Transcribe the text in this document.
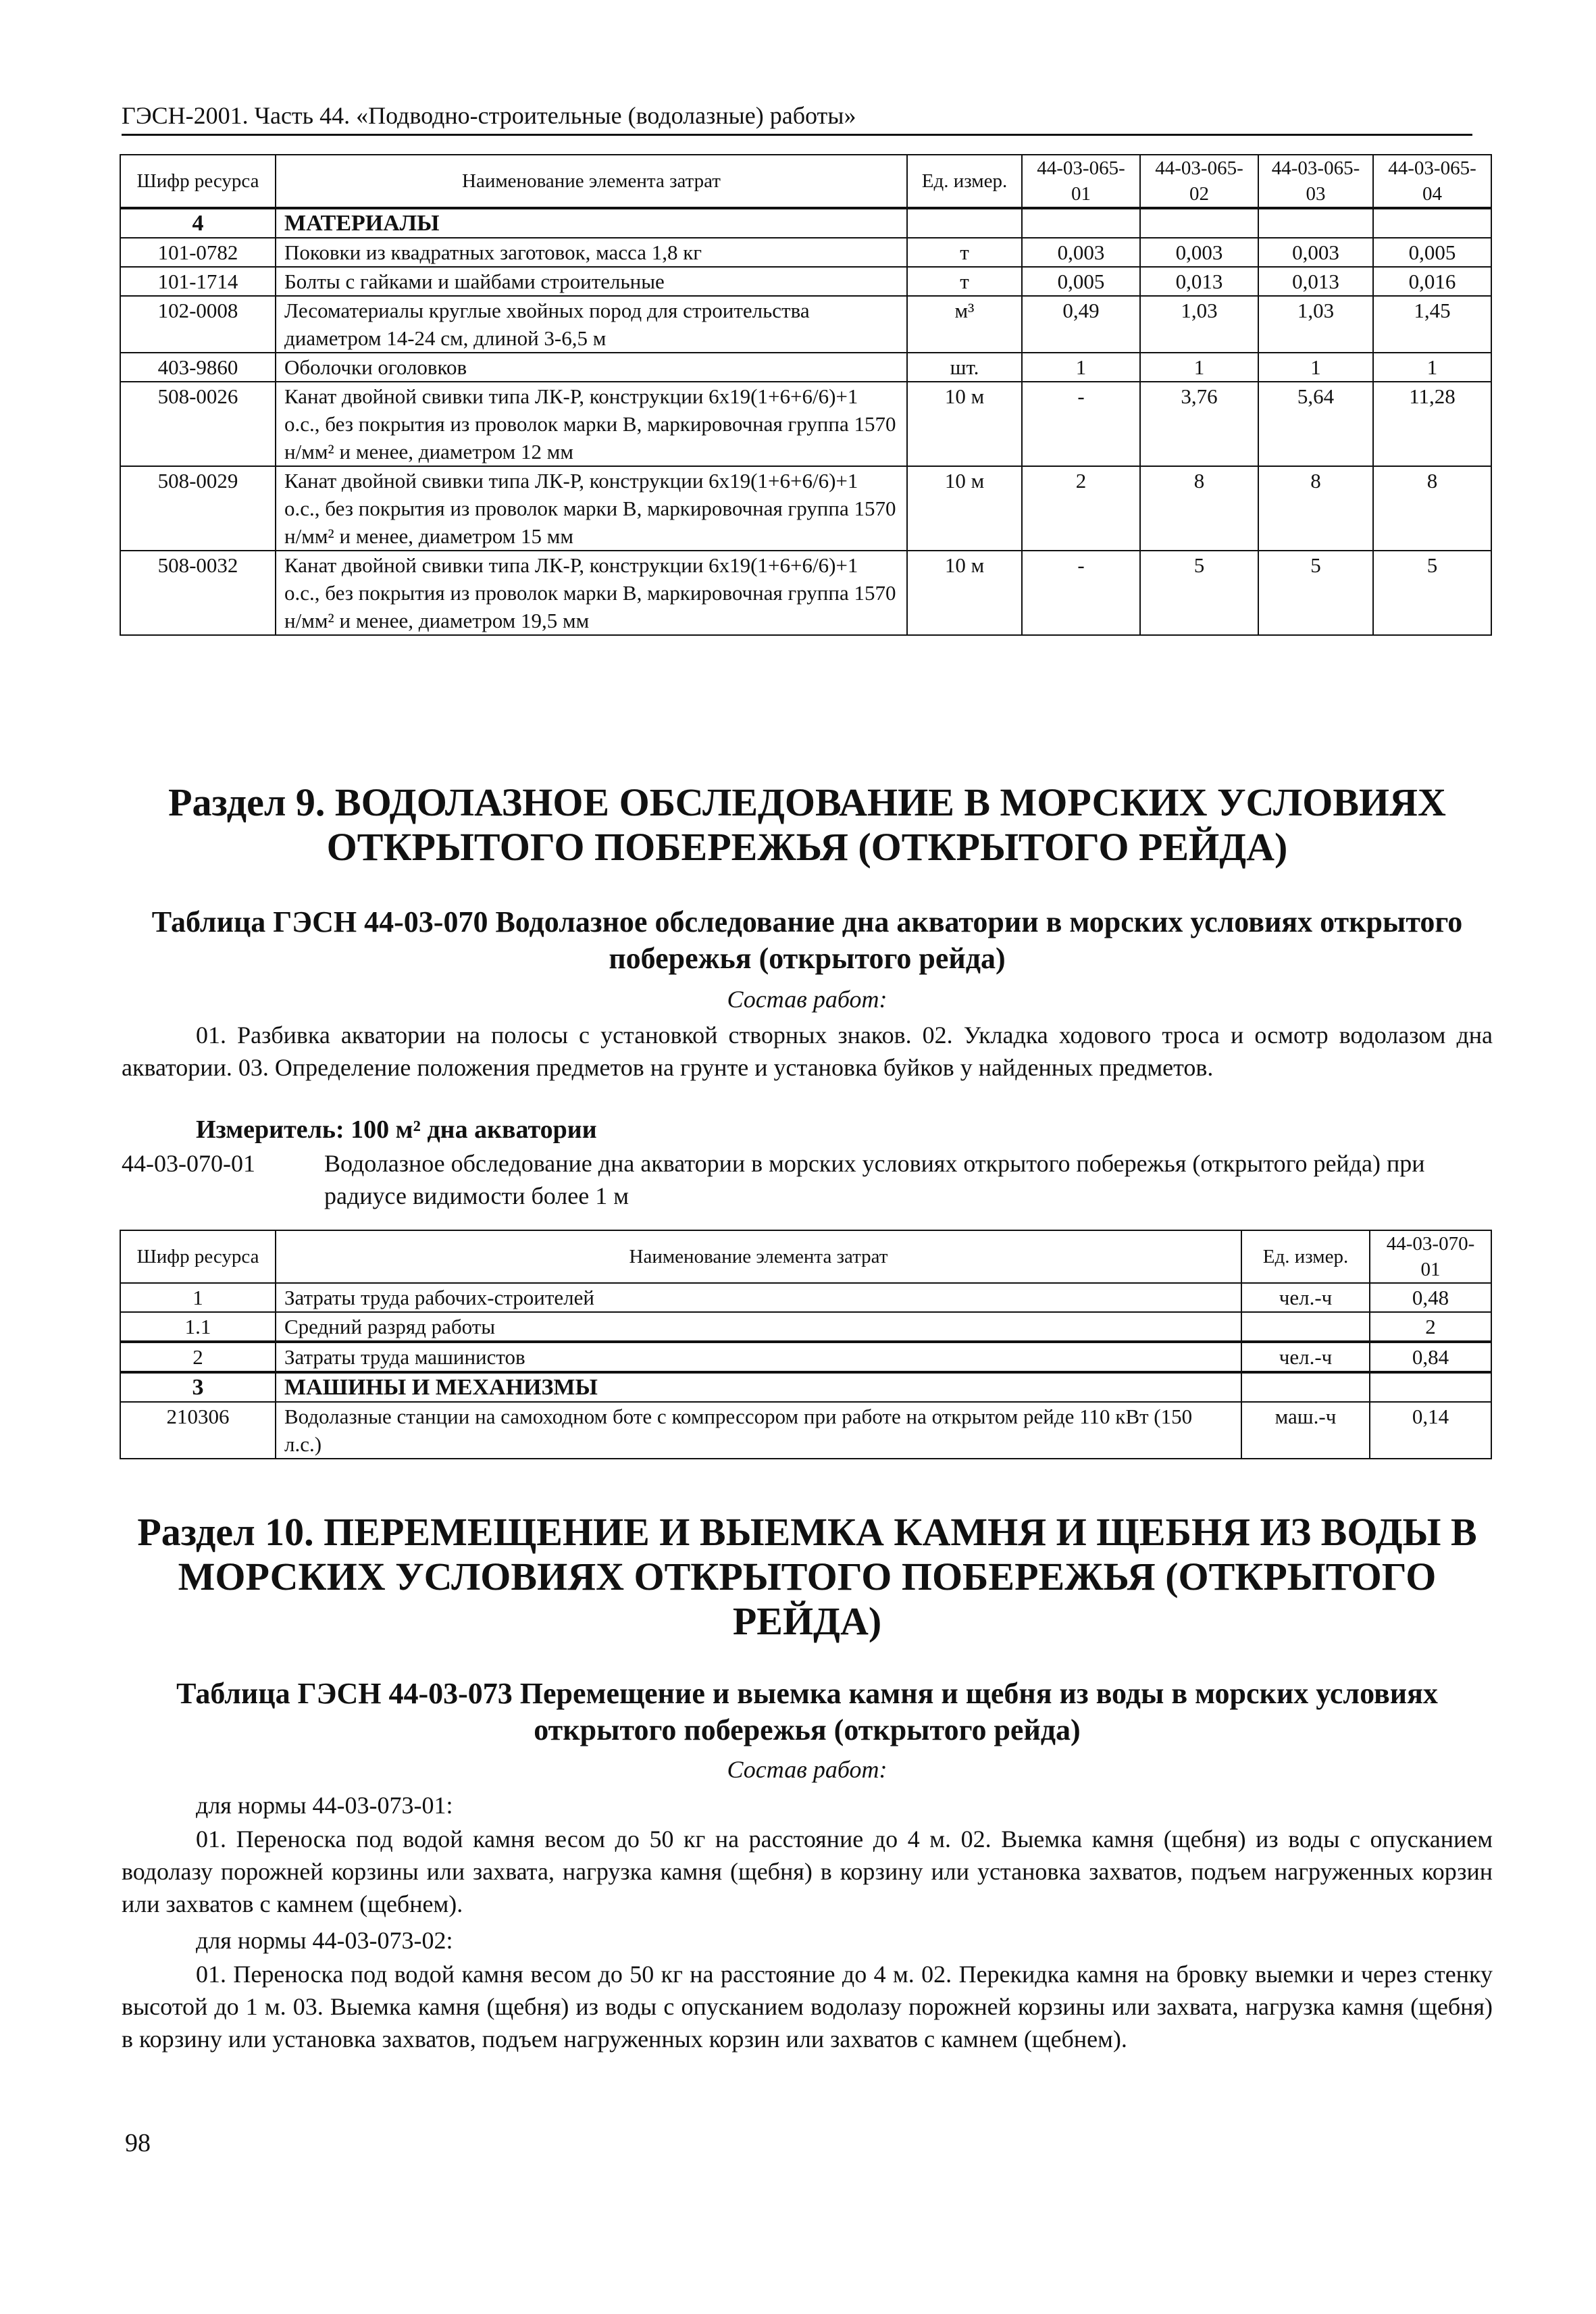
ГЭСН-2001. Часть 44. «Подводно-строительные (водолазные) работы»
Шифр ресурса	Наименование элемента затрат	Ед. измер.	44-03-065-01	44-03-065-02	44-03-065-03	44-03-065-04
4	МАТЕРИАЛЫ					
101-0782	Поковки из квадратных заготовок, масса 1,8 кг	т	0,003	0,003	0,003	0,005
101-1714	Болты с гайками и шайбами строительные	т	0,005	0,013	0,013	0,016
102-0008	Лесоматериалы круглые хвойных пород для строительства диаметром 14-24 см, длиной 3-6,5 м	м³	0,49	1,03	1,03	1,45
403-9860	Оболочки оголовков	шт.	1	1	1	1
508-0026	Канат двойной свивки типа ЛК-Р, конструкции 6х19(1+6+6/6)+1 о.с., без покрытия из проволок марки В, маркировочная группа 1570 н/мм² и менее, диаметром 12 мм	10 м	-	3,76	5,64	11,28
508-0029	Канат двойной свивки типа ЛК-Р, конструкции 6х19(1+6+6/6)+1 о.с., без покрытия из проволок марки В, маркировочная группа 1570 н/мм² и менее, диаметром 15 мм	10 м	2	8	8	8
508-0032	Канат двойной свивки типа ЛК-Р, конструкции 6х19(1+6+6/6)+1 о.с., без покрытия из проволок марки В, маркировочная группа 1570 н/мм² и менее, диаметром 19,5 мм	10 м	-	5	5	5
Раздел 9. ВОДОЛАЗНОЕ ОБСЛЕДОВАНИЕ В МОРСКИХ УСЛОВИЯХ ОТКРЫТОГО ПОБЕРЕЖЬЯ (ОТКРЫТОГО РЕЙДА)
Таблица ГЭСН 44-03-070 Водолазное обследование дна акватории в морских условиях открытого побережья (открытого рейда)
Состав работ:
01. Разбивка акватории на полосы с установкой створных знаков. 02. Укладка ходового троса и осмотр водолазом дна акватории. 03. Определение положения предметов на грунте и установка буйков у найденных предметов.
Измеритель: 100 м² дна акватории
44-03-070-01	Водолазное обследование дна акватории в морских условиях открытого побережья (открытого рейда) при радиусе видимости более 1 м
Шифр ресурса	Наименование элемента затрат	Ед. измер.	44-03-070-01
1	Затраты труда рабочих-строителей	чел.-ч	0,48
1.1	Средний разряд работы		2
2	Затраты труда машинистов	чел.-ч	0,84
3	МАШИНЫ И МЕХАНИЗМЫ		
210306	Водолазные станции на самоходном боте с компрессором при работе на открытом рейде 110 кВт (150 л.с.)	маш.-ч	0,14
Раздел 10. ПЕРЕМЕЩЕНИЕ И ВЫЕМКА КАМНЯ И ЩЕБНЯ ИЗ ВОДЫ В МОРСКИХ УСЛОВИЯХ ОТКРЫТОГО ПОБЕРЕЖЬЯ (ОТКРЫТОГО РЕЙДА)
Таблица ГЭСН 44-03-073 Перемещение и выемка камня и щебня из воды в морских условиях открытого побережья (открытого рейда)
Состав работ:
для нормы 44-03-073-01:
01. Переноска под водой камня весом до 50 кг на расстояние до 4 м. 02. Выемка камня (щебня) из воды с опусканием водолазу порожней корзины или захвата, нагрузка камня (щебня) в корзину или установка захватов, подъем нагруженных корзин или захватов с камнем (щебнем).
для нормы 44-03-073-02:
01. Переноска под водой камня весом до 50 кг на расстояние до 4 м. 02. Перекидка камня на бровку выемки и через стенку высотой до 1 м. 03. Выемка камня (щебня) из воды с опусканием водолазу порожней корзины или захвата, нагрузка камня (щебня) в корзину или установка захватов, подъем нагруженных корзин или захватов с камнем (щебнем).
98
